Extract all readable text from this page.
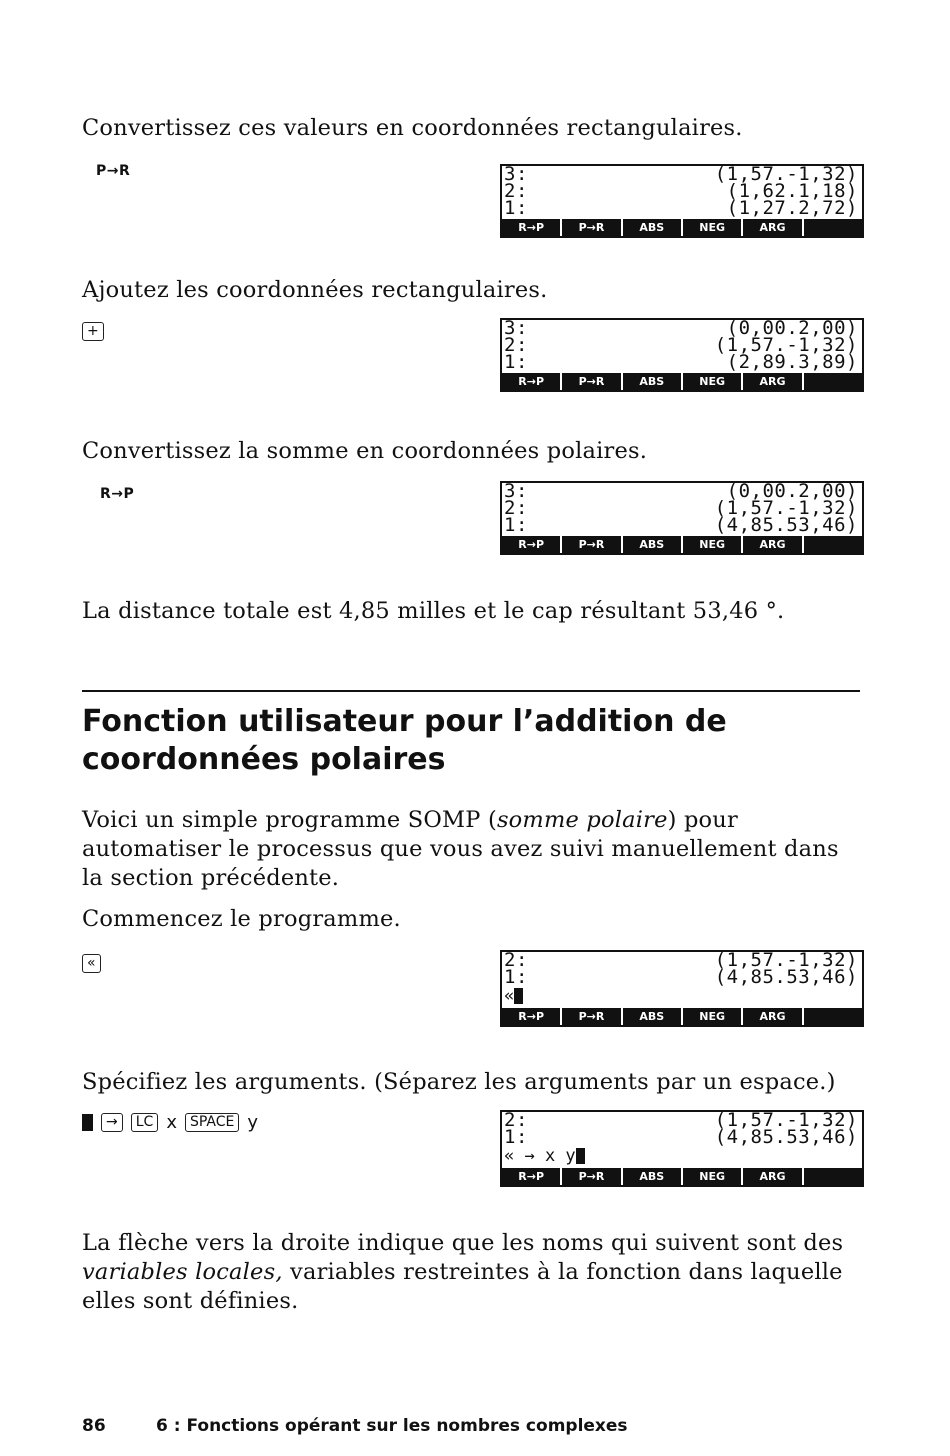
Convertissez ces valeurs en coordonnées rectangulaires.
P→R	3:	(1,57.-1,32)
2:	(1,62.1,18)
1:	(1,27.2,72)
R→P	P→R	ABS	NEG	ARG
Ajoutez les coordonnées rectangulaires.
+	3:	(0,00.2,00)
2:	(1,57.-1,32)
1:	(2,89.3,89)
R→P	P→R	ABS	NEG	ARG
Convertissez la somme en coordonnées polaires.
R→P	3:	(0,00.2,00)
2:	(1,57.-1,32)
1:	(4,85.53,46)
R→P	P→R	ABS	NEG	ARG
La distance totale est 4,85 milles et le cap résultant 53,46 °.
Fonction utilisateur pour l’addition de
coordonnées polaires
Voici un simple programme SOMP (somme polaire) pour automatiser le processus que vous avez suivi manuellement dans la section précédente.
Commencez le programme.
«	2:	(1,57.-1,32)
1:	(4,85.53,46)
«
R→P	P→R	ABS	NEG	ARG
Spécifiez les arguments. (Séparez les arguments par un espace.)
→ LC x SPACE y	2:	(1,57.-1,32)
1:	(4,85.53,46)
« → x y
R→P	P→R	ABS	NEG	ARG
La flèche vers la droite indique que les noms qui suivent sont des variables locales, variables restreintes à la fonction dans laquelle elles sont définies.
86	6 : Fonctions opérant sur les nombres complexes
